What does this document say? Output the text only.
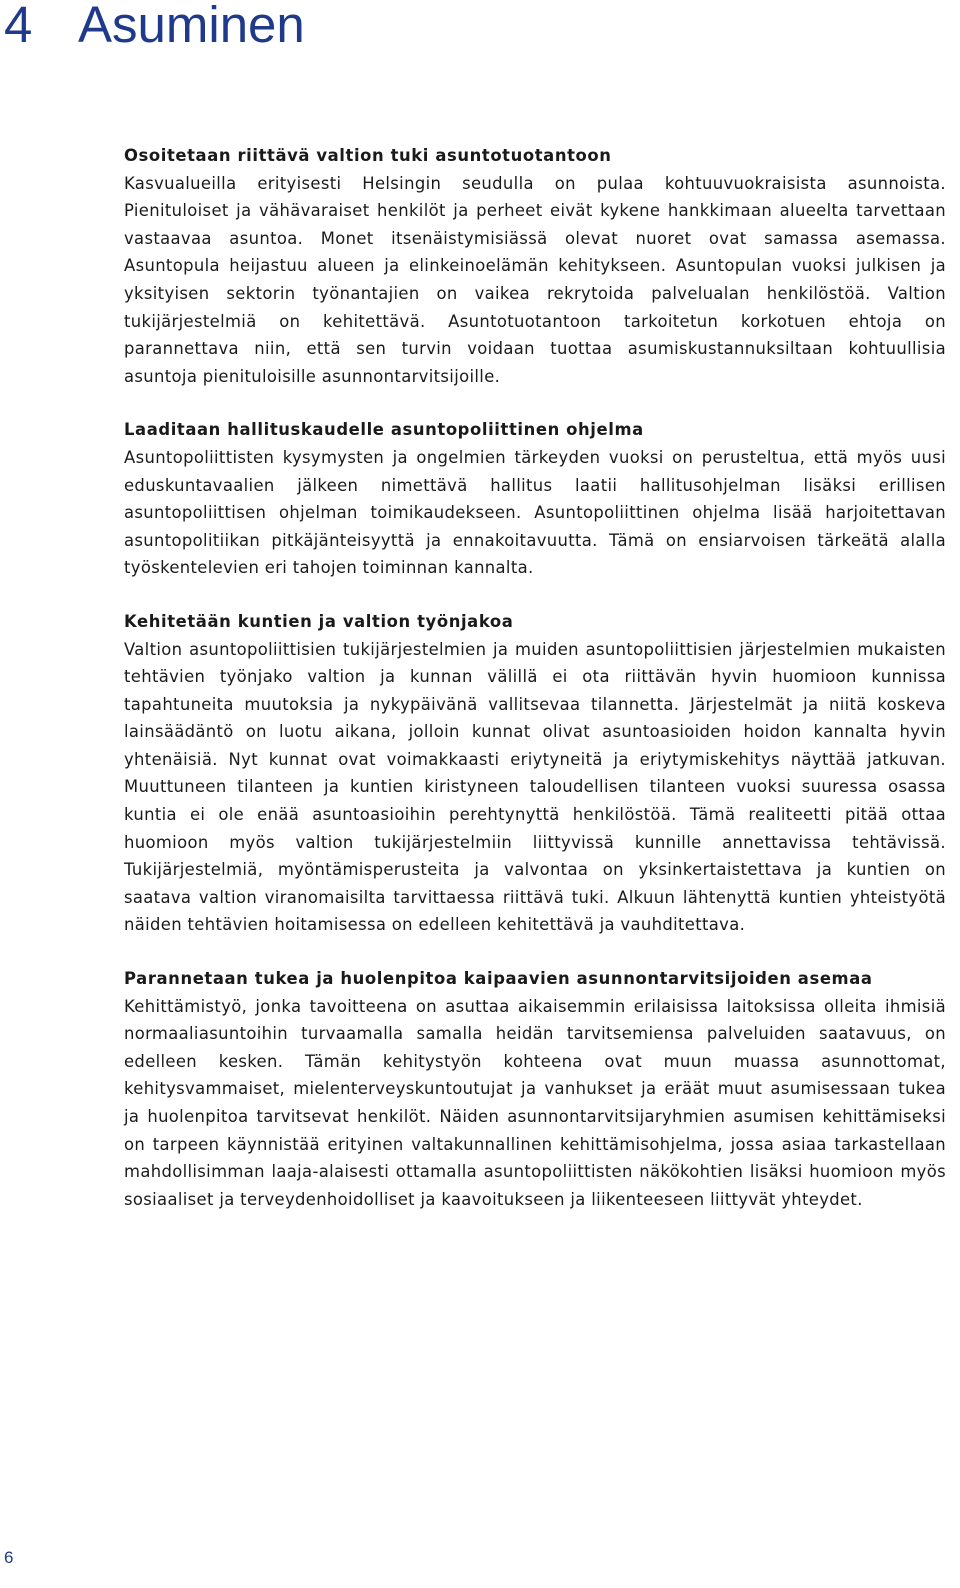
4 Asuminen
Osoitetaan riittävä valtion tuki asuntotuotantoon

Kasvualueilla erityisesti Helsingin seudulla on pulaa kohtuuvuokraisista asunnoista. Pienituloiset ja vähävaraiset henkilöt ja perheet eivät kykene hankkimaan alueelta tarvettaan vastaavaa asuntoa. Monet itsenäistymisiässä olevat nuoret ovat samassa asemassa. Asuntopula heijastuu alueen ja elinkeinoelämän kehitykseen. Asuntopulan vuoksi julkisen ja yksityisen sektorin työnantajien on vaikea rekrytoida palvelualan henkilöstöä. Valtion tukijärjestelmiä on kehitettävä. Asuntotuotantoon tarkoitetun korkotuen ehtoja on parannettava niin, että sen turvin voidaan tuottaa asumiskustannuksiltaan kohtuullisia asuntoja pienituloisille asunnontarvitsijoille.

Laaditaan hallituskaudelle asuntopoliittinen ohjelma

Asuntopoliittisten kysymysten ja ongelmien tärkeyden vuoksi on perusteltua, että myös uusi eduskuntavaalien jälkeen nimettävä hallitus laatii hallitusohjelman lisäksi erillisen asuntopoliittisen ohjelman toimikaudekseen. Asuntopoliittinen ohjelma lisää harjoitettavan asuntopolitiikan pitkäjänteisyyttä ja ennakoitavuutta. Tämä on ensiarvoisen tärkeätä alalla työskentelevien eri tahojen toiminnan kannalta.

Kehitetään kuntien ja valtion työnjakoa

Valtion asuntopoliittisien tukijärjestelmien ja muiden asuntopoliittisien järjestelmien mukaisten tehtävien työnjako valtion ja kunnan välillä ei ota riittävän hyvin huomioon kunnissa tapahtuneita muutoksia ja nykypäivänä vallitsevaa tilannetta. Järjestelmät ja niitä koskeva lainsäädäntö on luotu aikana, jolloin kunnat olivat asuntoasioiden hoidon kannalta hyvin yhtenäisiä. Nyt kunnat ovat voimakkaasti eriytyneitä ja eriytymiskehitys näyttää jatkuvan. Muuttuneen tilanteen ja kuntien kiristyneen taloudellisen tilanteen vuoksi suuressa osassa kuntia ei ole enää asuntoasioihin perehtynyttä henkilöstöä. Tämä realiteetti pitää ottaa huomioon myös valtion tukijärjestelmiin liittyvissä kunnille annettavissa tehtävissä. Tukijärjestelmiä, myöntämisperusteita ja valvontaa on yksinkertaistettava ja kuntien on saatava valtion viranomaisilta tarvittaessa riittävä tuki. Alkuun lähtenyttä kuntien yhteistyötä näiden tehtävien hoitamisessa on edelleen kehitettävä ja vauhditettava.

Parannetaan tukea ja huolenpitoa kaipaavien asunnontarvitsijoiden asemaa

Kehittämistyö, jonka tavoitteena on asuttaa aikaisemmin erilaisissa laitoksissa olleita ihmisiä normaaliasuntoihin turvaamalla samalla heidän tarvitsemiensa palveluiden saatavuus, on edelleen kesken. Tämän kehitystyön kohteena ovat muun muassa asunnottomat, kehitysvammaiset, mielenterveyskuntoutujat ja vanhukset ja eräät muut asumisessaan tukea ja huolenpitoa tarvitsevat henkilöt. Näiden asunnontarvitsijaryhmien asumisen kehittämiseksi on tarpeen käynnistää erityinen valtakunnallinen kehittämisohjelma, jossa asiaa tarkastellaan mahdollisimman laaja-alaisesti ottamalla asuntopoliittisten näkökohtien lisäksi huomioon myös sosiaaliset ja terveydenhoidolliset ja kaavoitukseen ja liikenteeseen liittyvät yhteydet.

6
